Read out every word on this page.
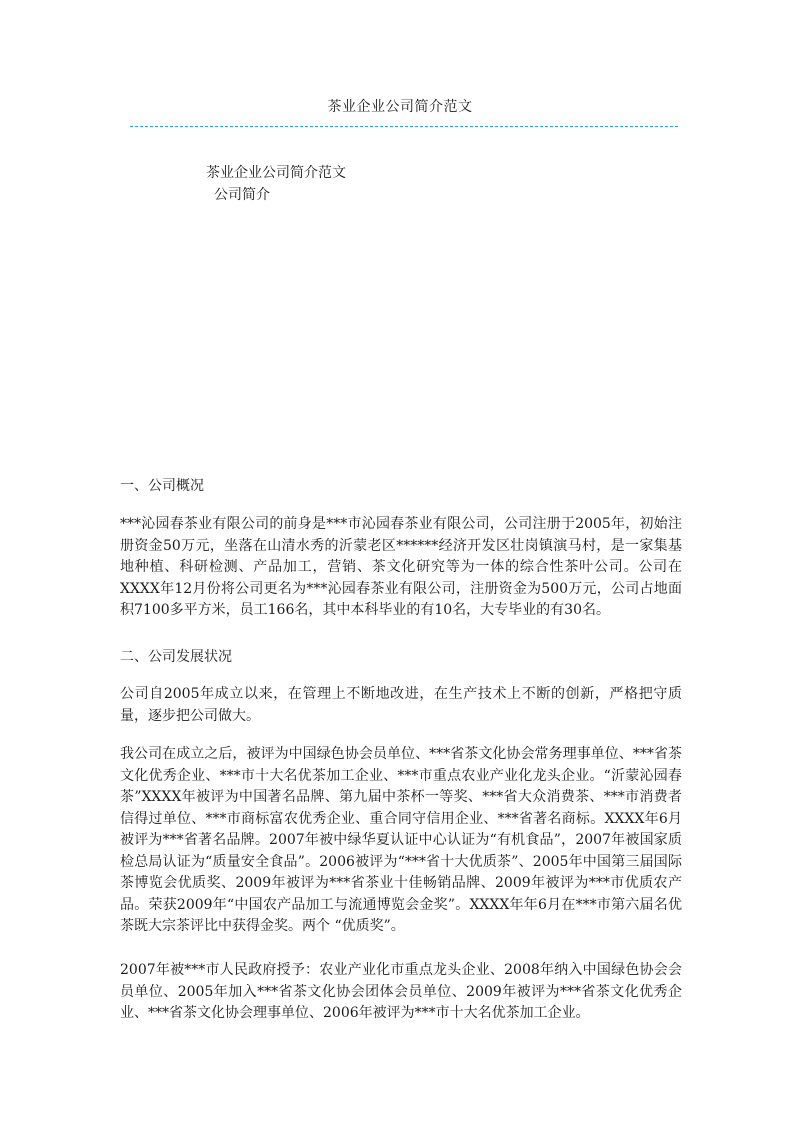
茶业企业公司简介范文
茶业企业公司简介范文
公司简介
一、公司概况
***沁园春茶业有限公司的前身是***市沁园春茶业有限公司，公司注册于2005年，初始注册资金50万元，坐落在山清水秀的沂蒙老区******经济开发区壮岗镇演马村，是一家集基地种植、科研检测、产品加工，营销、茶文化研究等为一体的综合性茶叶公司。公司在XXXX年12月份将公司更名为***沁园春茶业有限公司，注册资金为500万元，公司占地面积7100多平方米，员工166名，其中本科毕业的有10名，大专毕业的有30名。
二、公司发展状况
公司自2005年成立以来，在管理上不断地改进，在生产技术上不断的创新，严格把守质量，逐步把公司做大。
我公司在成立之后，被评为中国绿色协会员单位、***省茶文化协会常务理事单位、***省茶文化优秀企业、***市十大名优茶加工企业、***市重点农业产业化龙头企业。“沂蒙沁园春茶”XXXX年被评为中国著名品牌、第九届中茶杯一等奖、***省大众消费茶、***市消费者信得过单位、***市商标富农优秀企业、重合同守信用企业、***省著名商标。XXXX年6月被评为***省著名品牌。2007年被中绿华夏认证中心认证为“有机食品”，2007年被国家质检总局认证为“质量安全食品”。2006被评为“***省十大优质茶”、2005年中国第三届国际茶博览会优质奖、2009年被评为***省茶业十佳畅销品牌、2009年被评为***市优质农产品。荣获2009年“中国农产品加工与流通博览会金奖”。XXXX年年6月在***市第六届名优茶既大宗茶评比中获得金奖。两个 “优质奖”。
2007年被***市人民政府授予：农业产业化市重点龙头企业、2008年纳入中国绿色协会会员单位、2005年加入***省茶文化协会团体会员单位、2009年被评为***省茶文化优秀企业、***省茶文化协会理事单位、2006年被评为***市十大名优茶加工企业。
